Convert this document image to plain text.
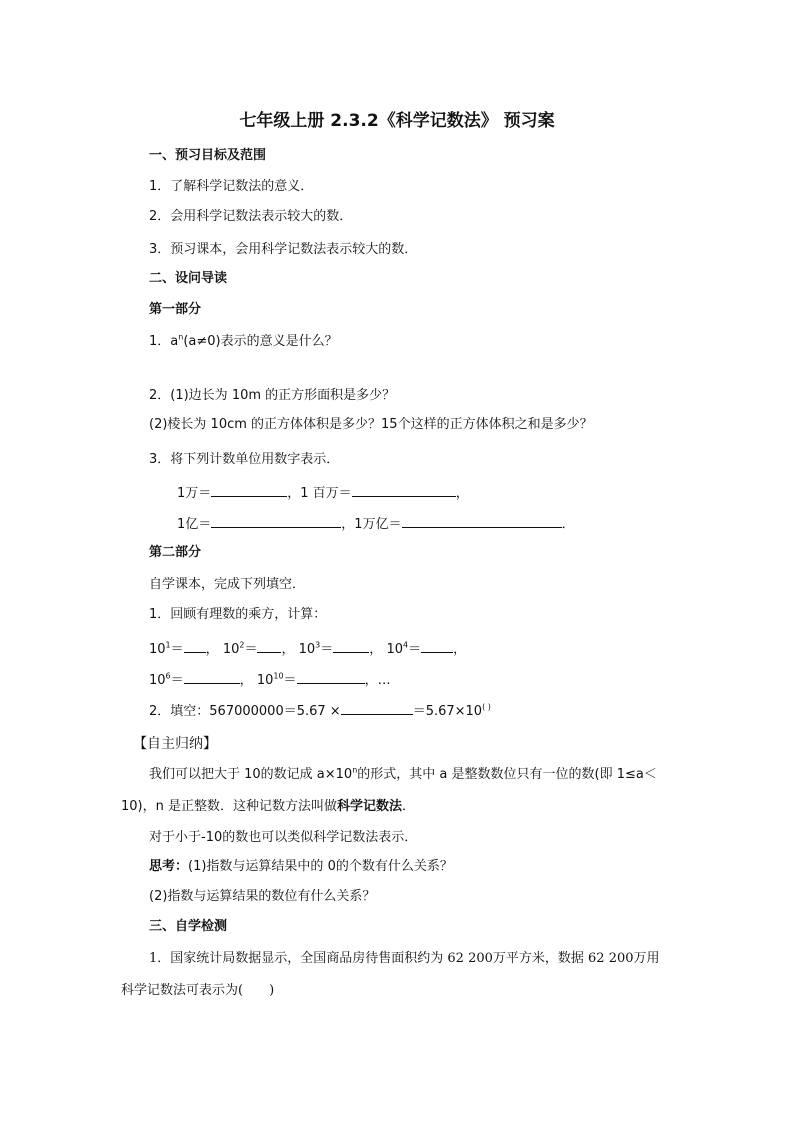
七年级上册 2.3.2《科学记数法》 预习案
一、预习目标及范围
1．了解科学记数法的意义．
2．会用科学记数法表示较大的数．
3．预习课本，会用科学记数法表示较大的数．
二、设问导读
第一部分
1．$a^n(a\ne 0)$表示的意义是什么？
2．(1)边长为 10m 的正方形面积是多少？
(2)棱长为 10cm 的正方体体积是多少？15个这样的正方体体积之和是多少？
3．将下列计数单位用数字表示．
1万＝	，1 百万＝	，
1亿＝	，1万亿＝	．
第二部分
自学课本，完成下列填空．
1．回顾有理数的乘方，计算：
$10^1=$ ， $10^2=$ ， $10^3=$	， $10^4=$ ，
$10^6=$	， $10^{10}=$	，…
2．填空：567000000＝5.67 ×	＝5.67×10( )
【自主归纳】
我们可以把大于 10的数记成 $a\times 10^n$的形式，其中 a 是整数数位只有一位的数(即 1≤a＜
10)，n 是正整数．这种记数方法叫做科学记数法．
对于小于-10的数也可以类似科学记数法表示．
思考：(1)指数与运算结果中的 0的个数有什么关系？
(2)指数与运算结果的数位有什么关系？
三、自学检测
1．国家统计局数据显示，全国商品房待售面积约为 62 200万平方米，数据 62 200万用
科学记数法可表示为(　　)
